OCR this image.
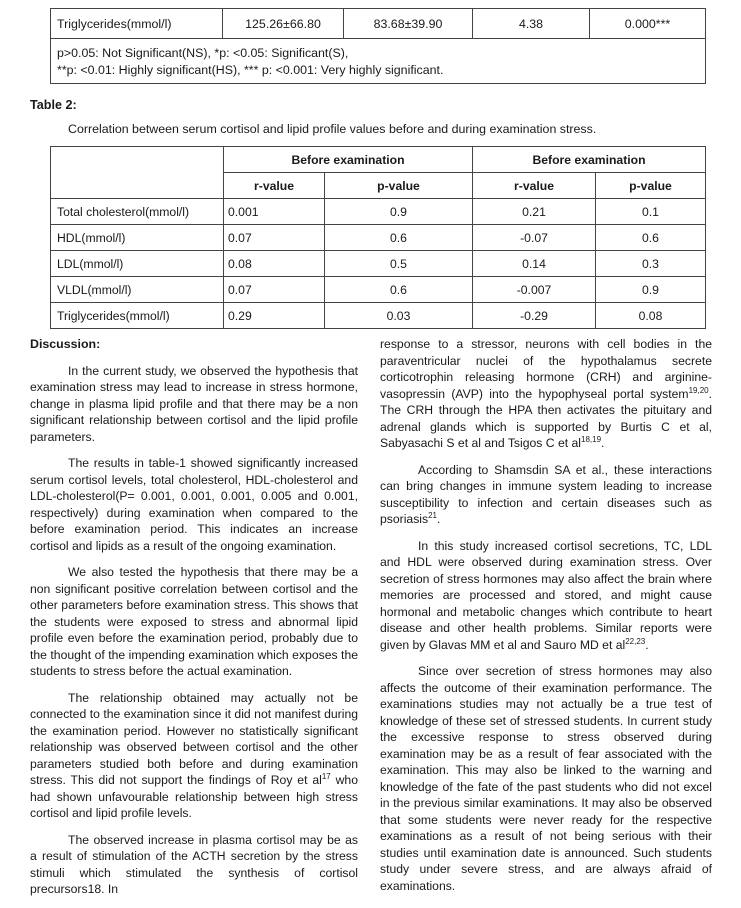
Triglycerides(mmol/l)	125.26±66.80	83.68±39.90	4.38	0.000***

p>0.05: Not Significant(NS), *p: <0.05: Significant(S),
**p: <0.01: Highly significant(HS), *** p: <0.001: Very highly significant.
Table 2:
Correlation between serum cortisol and lipid profile values before and during examination stress.
	Before examination		Before examination	
	r-value	p-value	r-value	p-value
Total cholesterol(mmol/l)	0.001	0.9	0.21	0.1
HDL(mmol/l)	0.07	0.6	-0.07	0.6
LDL(mmol/l)	0.08	0.5	0.14	0.3
VLDL(mmol/l)	0.07	0.6	-0.007	0.9
Triglycerides(mmol/l)	0.29	0.03	-0.29	0.08
Discussion:

In the current study, we observed the hypothesis that examination stress may lead to increase in stress hormone, change in plasma lipid profile and that there may be a non significant relationship between cortisol and the lipid profile parameters.

The results in table-1 showed significantly increased serum cortisol levels, total cholesterol, HDL-cholesterol and LDL-cholesterol(P= 0.001, 0.001, 0.001, 0.005 and 0.001, respectively) during examination when compared to the before examination period. This indicates an increase cortisol and lipids as a result of the ongoing examination.

We also tested the hypothesis that there may be a non significant positive correlation between cortisol and the other parameters before examination stress. This shows that the students were exposed to stress and abnormal lipid profile even before the examination period, probably due to the thought of the impending examination which exposes the students to stress before the actual examination.

The relationship obtained may actually not be connected to the examination since it did not manifest during the examination period. However no statistically significant relationship was observed between cortisol and the other parameters studied both before and during examination stress. This did not support the findings of Roy et $al^{17}$ who had shown unfavourable relationship between high stress cortisol and lipid profile levels.

The observed increase in plasma cortisol may be as a result of stimulation of the ACTH secretion by the stress stimuli which stimulated the synthesis of cortisol precursors18. In

response to a stressor, neurons with cell bodies in the paraventricular nuclei of the hypothalamus secrete corticotrophin releasing hormone (CRH) and arginine-vasopressin (AVP) into the hypophyseal portal system$^{19,20}$. The CRH through the HPA then activates the pituitary and adrenal glands which is supported by Burtis C et al, Sabyasachi S et al and Tsigos C et al$^{18,19}$.

According to Shamsdin SA et al., these interactions can bring changes in immune system leading to increase susceptibility to infection and certain diseases such as psoriasis$^{21}$.

In this study increased cortisol secretions, TC, LDL and HDL were observed during examination stress. Over secretion of stress hormones may also affect the brain where memories are processed and stored, and might cause hormonal and metabolic changes which contribute to heart disease and other health problems. Similar reports were given by Glavas MM et al and Sauro MD et al$^{22,23}$.

Since over secretion of stress hormones may also affects the outcome of their examination performance. The examinations studies may not actually be a true test of knowledge of these set of stressed students. In current study the excessive response to stress observed during examination may be as a result of fear associated with the examination. This may also be linked to the warning and knowledge of the fate of the past students who did not excel in the previous similar examinations. It may also be observed that some students were never ready for the respective examinations as a result of not being serious with their studies until examination date is announced. Such students study under severe stress, and are always afraid of examinations.
